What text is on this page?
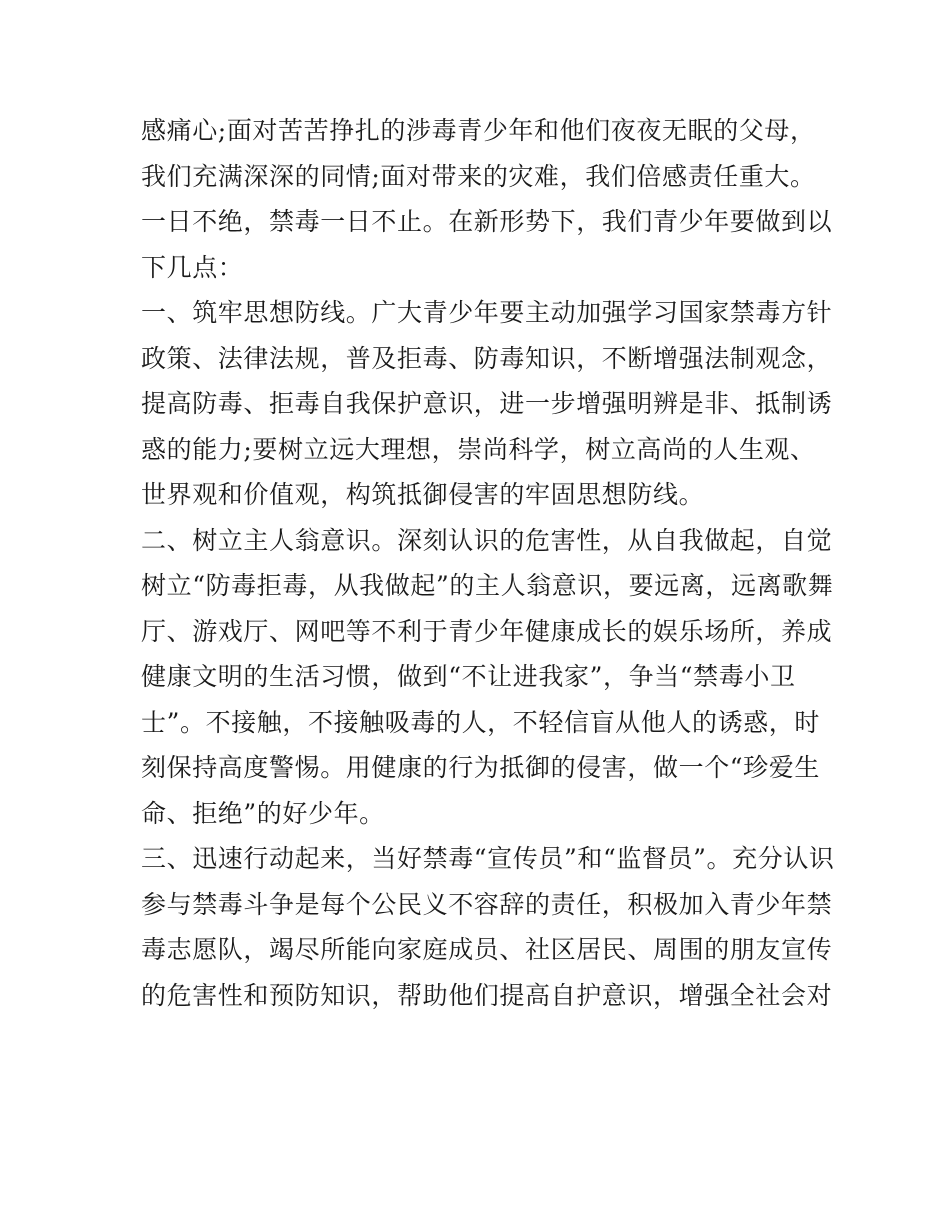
感痛心;面对苦苦挣扎的涉毒青少年和他们夜夜无眠的父母，
我们充满深深的同情;面对带来的灾难，我们倍感责任重大。
一日不绝，禁毒一日不止。在新形势下，我们青少年要做到以
下几点：
一、筑牢思想防线。广大青少年要主动加强学习国家禁毒方针
政策、法律法规，普及拒毒、防毒知识，不断增强法制观念，
提高防毒、拒毒自我保护意识，进一步增强明辨是非、抵制诱
惑的能力;要树立远大理想，崇尚科学，树立高尚的人生观、
世界观和价值观，构筑抵御侵害的牢固思想防线。
二、树立主人翁意识。深刻认识的危害性，从自我做起，自觉
树立“防毒拒毒，从我做起”的主人翁意识，要远离，远离歌舞
厅、游戏厅、网吧等不利于青少年健康成长的娱乐场所，养成
健康文明的生活习惯，做到“不让进我家”，争当“禁毒小卫
士”。不接触，不接触吸毒的人，不轻信盲从他人的诱惑，时
刻保持高度警惕。用健康的行为抵御的侵害，做一个“珍爱生
命、拒绝”的好少年。
三、迅速行动起来，当好禁毒“宣传员”和“监督员”。充分认识
参与禁毒斗争是每个公民义不容辞的责任，积极加入青少年禁
毒志愿队，竭尽所能向家庭成员、社区居民、周围的朋友宣传
的危害性和预防知识，帮助他们提高自护意识，增强全社会对
